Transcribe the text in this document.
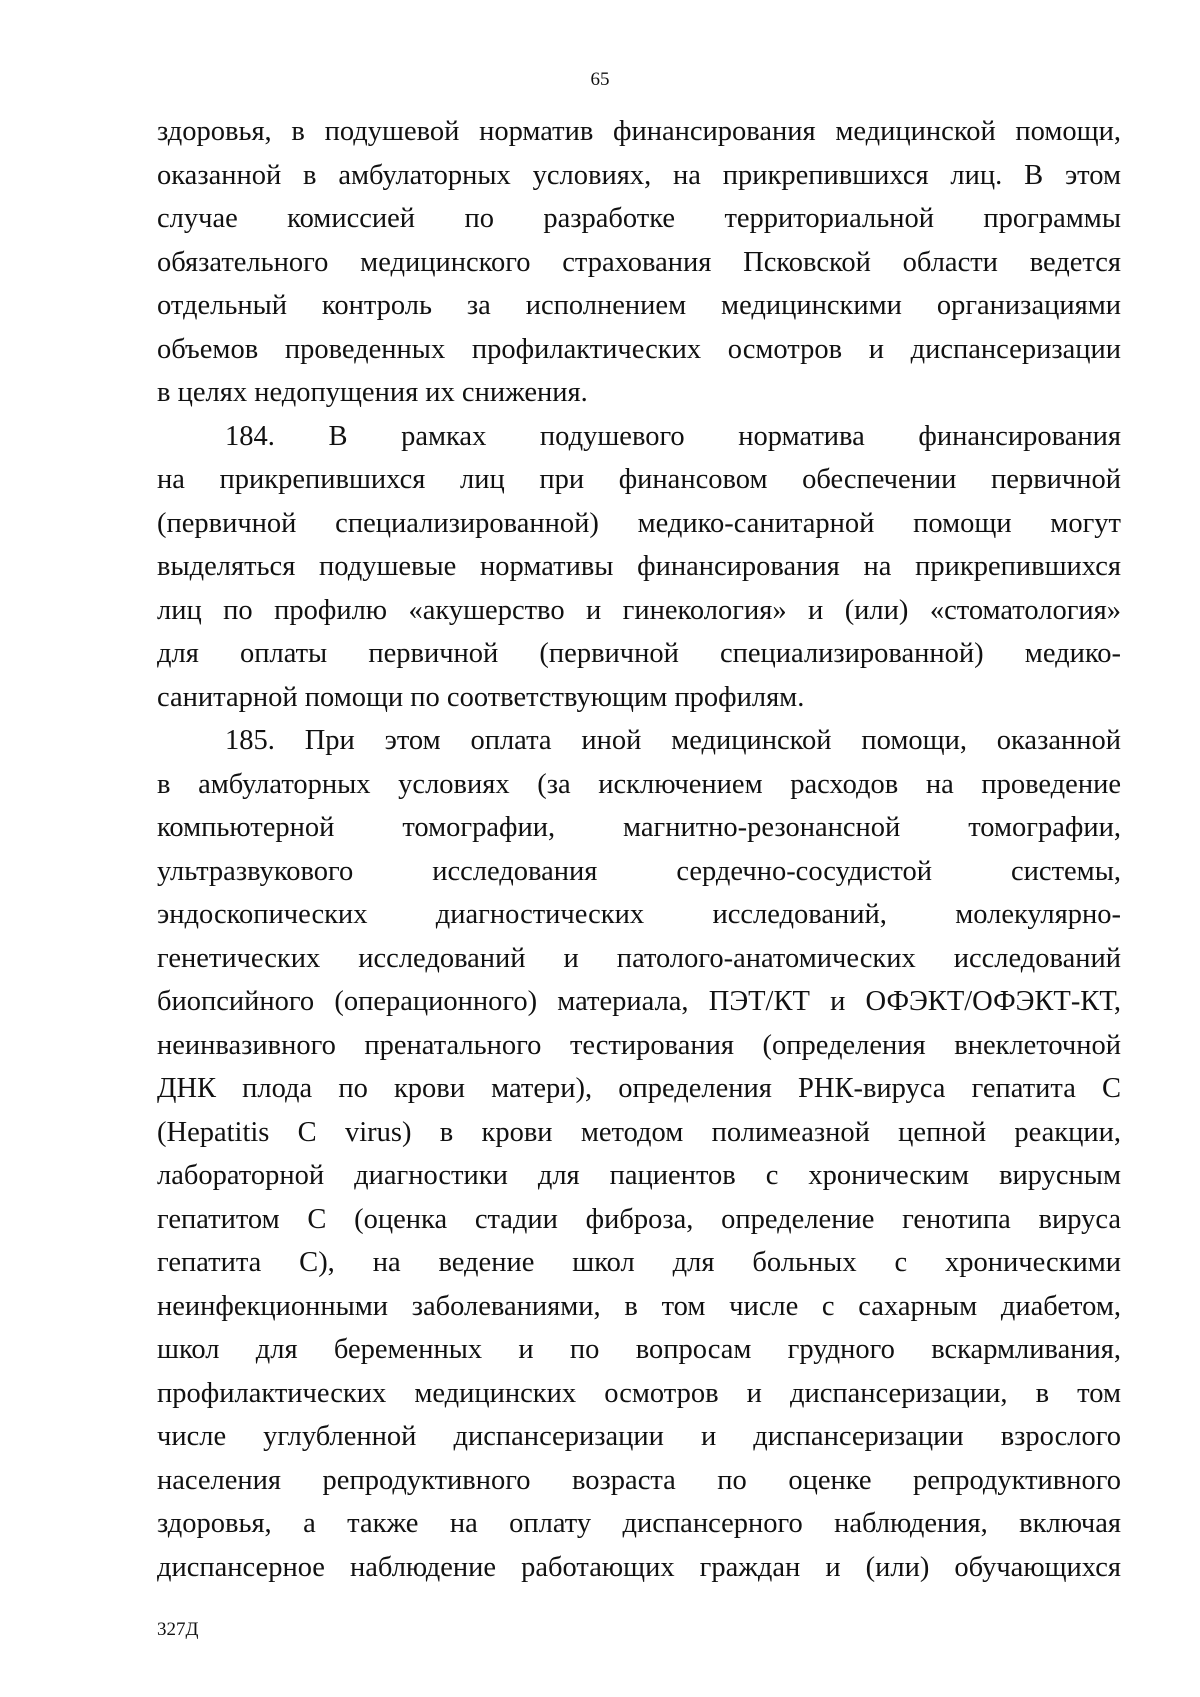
65
здоровья, в подушевой норматив финансирования медицинской помощи,
оказанной в амбулаторных условиях, на прикрепившихся лиц. В этом
случае комиссией по разработке территориальной программы
обязательного медицинского страхования Псковской области ведется
отдельный контроль за исполнением медицинскими организациями
объемов проведенных профилактических осмотров и диспансеризации
в целях недопущения их снижения.
184. В рамках подушевого норматива финансирования
на прикрепившихся лиц при финансовом обеспечении первичной
(первичной специализированной) медико-санитарной помощи могут
выделяться подушевые нормативы финансирования на прикрепившихся
лиц по профилю «акушерство и гинекология» и (или) «стоматология»
для оплаты первичной (первичной специализированной) медико-
санитарной помощи по соответствующим профилям.
185. При этом оплата иной медицинской помощи, оказанной
в амбулаторных условиях (за исключением расходов на проведение
компьютерной томографии, магнитно-резонансной томографии,
ультразвукового исследования сердечно-сосудистой системы,
эндоскопических диагностических исследований, молекулярно-
генетических исследований и патолого-анатомических исследований
биопсийного (операционного) материала, ПЭТ/КТ и ОФЭКТ/ОФЭКТ-КТ,
неинвазивного пренатального тестирования (определения внеклеточной
ДНК плода по крови матери), определения РНК-вируса гепатита С
(Hepatitis C virus) в крови методом полимеазной цепной реакции,
лабораторной диагностики для пациентов с хроническим вирусным
гепатитом С (оценка стадии фиброза, определение генотипа вируса
гепатита С), на ведение школ для больных с хроническими
неинфекционными заболеваниями, в том числе с сахарным диабетом,
школ для беременных и по вопросам грудного вскармливания,
профилактических медицинских осмотров и диспансеризации, в том
числе углубленной диспансеризации и диспансеризации взрослого
населения репродуктивного возраста по оценке репродуктивного
здоровья, а также на оплату диспансерного наблюдения, включая
диспансерное наблюдение работающих граждан и (или) обучающихся
327Д
